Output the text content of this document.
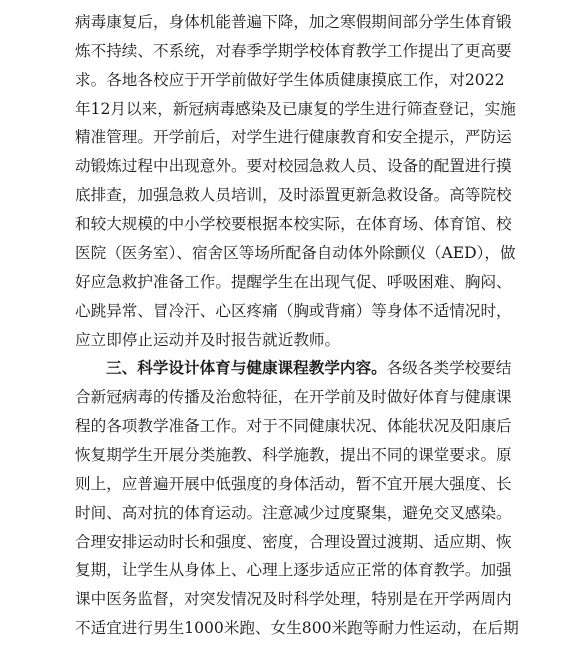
病毒康复后，身体机能普遍下降，加之寒假期间部分学生体育锻
炼不持续、不系统，对春季学期学校体育教学工作提出了更高要
求。各地各校应于开学前做好学生体质健康摸底工作，对2022
年12月以来，新冠病毒感染及已康复的学生进行筛查登记，实施
精准管理。开学前后，对学生进行健康教育和安全提示，严防运
动锻炼过程中出现意外。要对校园急救人员、设备的配置进行摸
底排查，加强急救人员培训，及时添置更新急救设备。高等院校
和较大规模的中小学校要根据本校实际，在体育场、体育馆、校
医院（医务室）、宿舍区等场所配备自动体外除颤仪（AED），做
好应急救护准备工作。提醒学生在出现气促、呼吸困难、胸闷、
心跳异常、冒冷汗、心区疼痛（胸或背痛）等身体不适情况时，
应立即停止运动并及时报告就近教师。
三、科学设计体育与健康课程教学内容。各级各类学校要结
合新冠病毒的传播及治愈特征，在开学前及时做好体育与健康课
程的各项教学准备工作。对于不同健康状况、体能状况及阳康后
恢复期学生开展分类施教、科学施教，提出不同的课堂要求。原
则上，应普遍开展中低强度的身体活动，暂不宜开展大强度、长
时间、高对抗的体育运动。注意减少过度聚集，避免交叉感染。
合理安排运动时长和强度、密度，合理设置过渡期、适应期、恢
复期，让学生从身体上、心理上逐步适应正常的体育教学。加强
课中医务监督，对突发情况及时科学处理，特别是在开学两周内
不适宜进行男生1000米跑、女生800米跑等耐力性运动，在后期
